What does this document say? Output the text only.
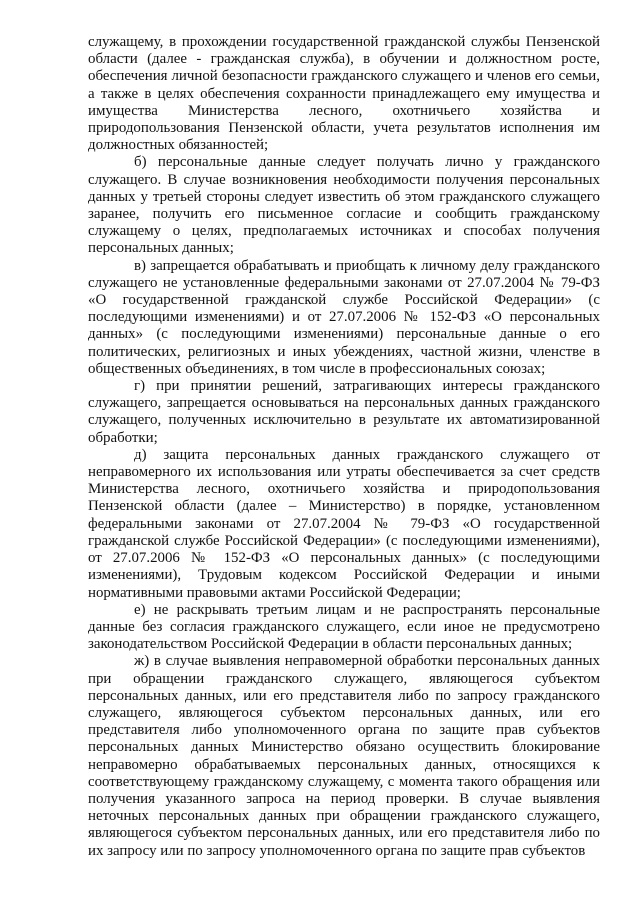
служащему, в прохождении государственной гражданской службы Пензенской области (далее - гражданская служба), в обучении и должностном росте, обеспечения личной безопасности гражданского служащего и членов его семьи, а также в целях обеспечения сохранности принадлежащего ему имущества и имущества Министерства лесного, охотничьего хозяйства и природопользования Пензенской области, учета результатов исполнения им должностных обязанностей;

б) персональные данные следует получать лично у гражданского служащего. В случае возникновения необходимости получения персональных данных у третьей стороны следует известить об этом гражданского служащего заранее, получить его письменное согласие и сообщить гражданскому служащему о целях, предполагаемых источниках и способах получения персональных данных;

в) запрещается обрабатывать и приобщать к личному делу гражданского служащего не установленные федеральными законами от 27.07.2004 № 79-ФЗ «О государственной гражданской службе Российской Федерации» (с последующими изменениями) и от 27.07.2006 № 152-ФЗ «О персональных данных» (с последующими изменениями) персональные данные о его политических, религиозных и иных убеждениях, частной жизни, членстве в общественных объединениях, в том числе в профессиональных союзах;

г) при принятии решений, затрагивающих интересы гражданского служащего, запрещается основываться на персональных данных гражданского служащего, полученных исключительно в результате их автоматизированной обработки;

д) защита персональных данных гражданского служащего от неправомерного их использования или утраты обеспечивается за счет средств Министерства лесного, охотничьего хозяйства и природопользования Пензенской области (далее – Министерство) в порядке, установленном федеральными законами от 27.07.2004 № 79-ФЗ «О государственной гражданской службе Российской Федерации» (с последующими изменениями), от 27.07.2006 № 152-ФЗ «О персональных данных» (с последующими изменениями), Трудовым кодексом Российской Федерации и иными нормативными правовыми актами Российской Федерации;

е) не раскрывать третьим лицам и не распространять персональные данные без согласия гражданского служащего, если иное не предусмотрено законодательством Российской Федерации в области персональных данных;

ж) в случае выявления неправомерной обработки персональных данных при обращении гражданского служащего, являющегося субъектом персональных данных, или его представителя либо по запросу гражданского служащего, являющегося субъектом персональных данных, или его представителя либо уполномоченного органа по защите прав субъектов персональных данных Министерство обязано осуществить блокирование неправомерно обрабатываемых персональных данных, относящихся к соответствующему гражданскому служащему, с момента такого обращения или получения указанного запроса на период проверки. В случае выявления неточных персональных данных при обращении гражданского служащего, являющегося субъектом персональных данных, или его представителя либо по их запросу или по запросу уполномоченного органа по защите прав субъектов
